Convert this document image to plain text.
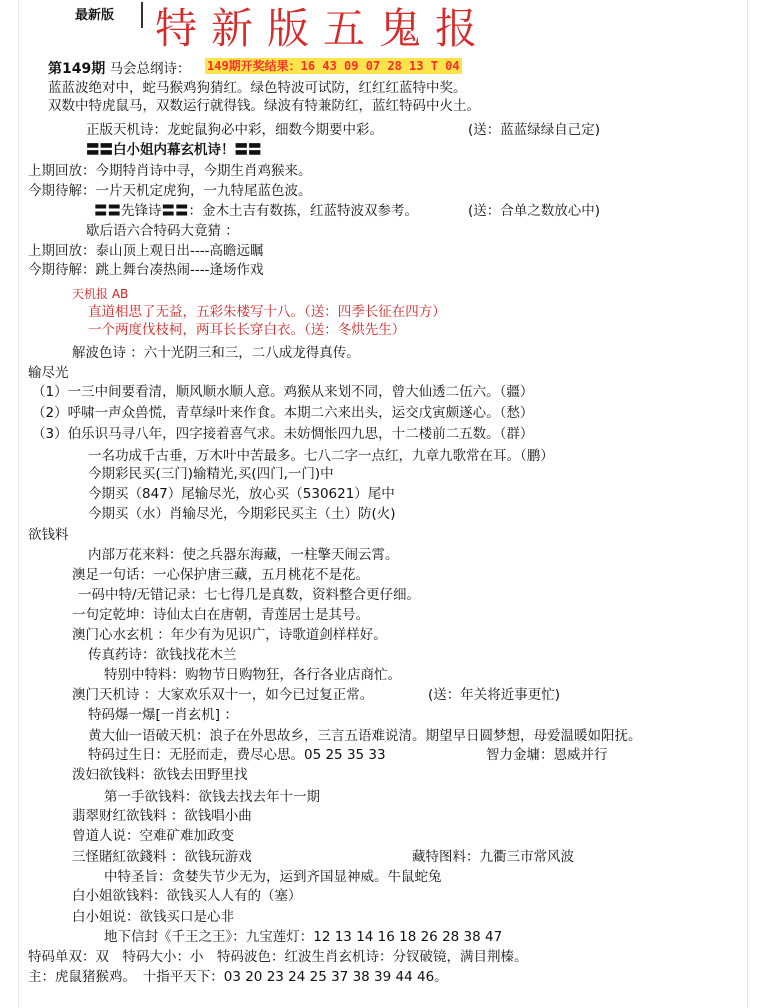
最新版 特新版五鬼报
第149期 马会总纲诗： 149期开奖结果：16 43 09 07 28 13 T 04
蓝蓝波绝对中，蛇马猴鸡狗猜红。绿色特波可试防，红红红蓝特中奖。
双数中特虎鼠马，双数运行就得钱。绿波有特兼防红，蓝红特码中火土。
正版天机诗：龙蛇鼠狗必中彩，细数今期要中彩。	(送：蓝蓝绿绿自己定)
〓〓白小姐内幕玄机诗！〓〓
上期回放：今期特肖诗中寻，今期生肖鸡猴来。
今期待解：一片天机定虎狗，一九特尾蓝色波。
〓〓先锋诗〓〓：金木土吉有数拣，红蓝特波双参考。	(送：合单之数放心中)
歇后语六合特码大竟猜 ：
上期回放：泰山顶上观日出----高瞻远瞩
今期待解：跳上舞台凑热闹----逢场作戏
天机报 AB
直道相思了无益，五彩朱楼写十八。（送：四季长征在四方）
一个两度伐枝柯，两耳长长穿白衣。（送：冬烘先生）
解波色诗 ：六十光阴三和三，二八成龙得真传。
输尽光
（1）一三中间要看清，顺风顺水顺人意。鸡猴从来划不同，曾大仙透二伍六。（疆）
（2）呼啸一声众兽慌，青草绿叶来作食。本期二六来出头，运交戊寅颇遂心。（愁）
（3）伯乐识马寻八年，四字接着喜气求。未妨惆怅四九思，十二楼前二五数。（群）
一名功成千古垂，万木叶中苦最多。七八二字一点红，九章九歌常在耳。（鹏）
今期彩民买(三门)输精光,买(四门,一门)中
今期买（847）尾输尽光，放心买（530621）尾中
今期买（水）肖输尽光，今期彩民买主（土）防(火)
欲钱料
内部万花来料：使之兵器东海藏，一柱擎天闹云霄。
澳足一句话：一心保护唐三藏，五月桃花不是花。
一码中特/无错记录：七七得几是真数，资料整合更仔细。
一句定乾坤：诗仙太白在唐朝，青莲居士是其号。
澳门心水玄机 ：年少有为见识广，诗歌道剑样样好。
传真药诗：欲钱找花木兰
特别中特料：购物节日购物狂，各行各业店商忙。
澳门天机诗 ：大家欢乐双十一，如今已过复正常。	(送：年关将近事更忙)
特码爆一爆[一肖玄机] ：
黄大仙一语破天机：浪子在外思故乡，三言五语难说清。期望早日圆梦想，母爱温暖如阳抚。
特码过生日：无胫而走，费尽心思。05 25 35 33	智力金墉：恩威并行
泼妇欲钱料：欲钱去田野里找
第一手欲钱料：欲钱去找去年十一期
翡翠财红欲钱料 ：欲钱唱小曲
曾道人说：空难矿难加政变
三怪賭紅欲錢料 ：欲钱玩游戏	藏特图料：九衢三市常风波
中特圣旨：贪婪失节少无为，运到齐国显神威。牛鼠蛇兔
白小姐欲钱料：欲钱买人人有的（塞）
白小姐说：欲钱买口是心非
地下信封《千王之王》：九宝莲灯：12 13 14 16 18 26 28 38 47
特码单双：双　特码大小：小　特码波色：红波生肖玄机诗：分钗破镜，满目荆榛。
主：虎鼠猪猴鸡。　十指平天下：03 20 23 24 25 37 38 39 44 46。
